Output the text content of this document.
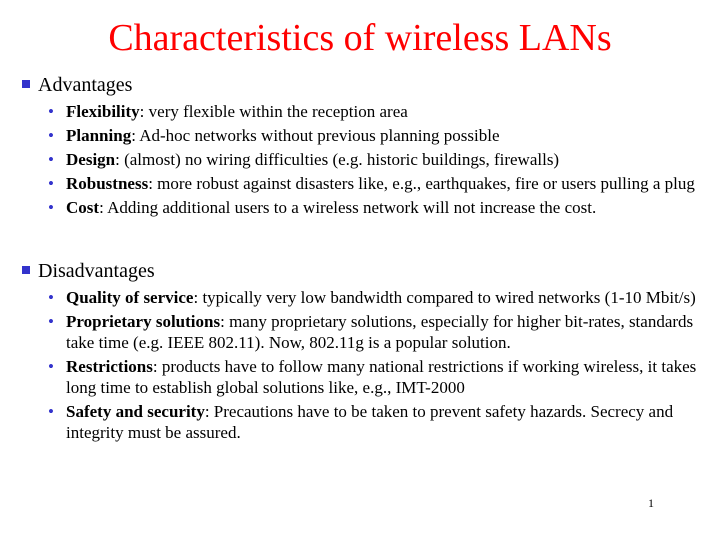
Characteristics of wireless LANs
Advantages
• Flexibility: very flexible within the reception area
• Planning: Ad-hoc networks without previous planning possible
• Design: (almost) no wiring difficulties (e.g. historic buildings, firewalls)
• Robustness: more robust against disasters like, e.g., earthquakes, fire or users pulling a plug
• Cost: Adding additional users to a wireless network will not increase the cost.
Disadvantages
• Quality of service: typically very low bandwidth compared to wired networks (1-10 Mbit/s)
• Proprietary solutions: many proprietary solutions, especially for higher bit-rates, standards take time (e.g. IEEE 802.11). Now, 802.11g is a popular solution.
• Restrictions: products have to follow many national restrictions if working wireless, it takes long time to establish global solutions like, e.g., IMT-2000
• Safety and security: Precautions have to be taken to prevent safety hazards. Secrecy and integrity must be assured.
1
